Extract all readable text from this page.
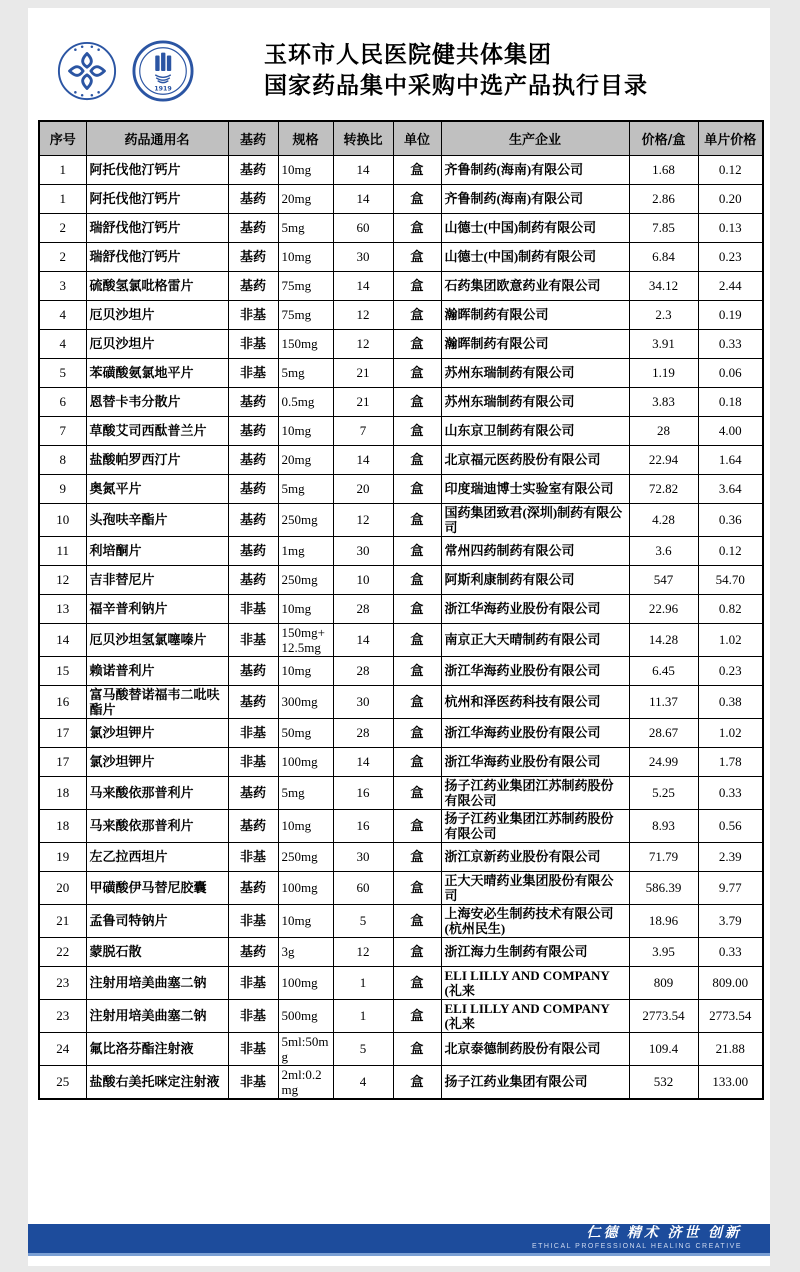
1919
玉环市人民医院健共体集团
国家药品集中采购中选产品执行目录
序号	药品通用名	基药	规格	转换比	单位	生产企业	价格/盒	单片价格
1	阿托伐他汀钙片	基药	10mg	14	盒	齐鲁制药(海南)有限公司	1.68	0.12
1	阿托伐他汀钙片	基药	20mg	14	盒	齐鲁制药(海南)有限公司	2.86	0.20
2	瑞舒伐他汀钙片	基药	5mg	60	盒	山德士(中国)制药有限公司	7.85	0.13
2	瑞舒伐他汀钙片	基药	10mg	30	盒	山德士(中国)制药有限公司	6.84	0.23
3	硫酸氢氯吡格雷片	基药	75mg	14	盒	石药集团欧意药业有限公司	34.12	2.44
4	厄贝沙坦片	非基	75mg	12	盒	瀚晖制药有限公司	2.3	0.19
4	厄贝沙坦片	非基	150mg	12	盒	瀚晖制药有限公司	3.91	0.33
5	苯磺酸氨氯地平片	非基	5mg	21	盒	苏州东瑞制药有限公司	1.19	0.06
6	恩替卡韦分散片	基药	0.5mg	21	盒	苏州东瑞制药有限公司	3.83	0.18
7	草酸艾司西酞普兰片	基药	10mg	7	盒	山东京卫制药有限公司	28	4.00
8	盐酸帕罗西汀片	基药	20mg	14	盒	北京福元医药股份有限公司	22.94	1.64
9	奥氮平片	基药	5mg	20	盒	印度瑞迪博士实验室有限公司	72.82	3.64
10	头孢呋辛酯片	基药	250mg	12	盒	国药集团致君(深圳)制药有限公司	4.28	0.36
11	利培酮片	基药	1mg	30	盒	常州四药制药有限公司	3.6	0.12
12	吉非替尼片	基药	250mg	10	盒	阿斯利康制药有限公司	547	54.70
13	福辛普利钠片	非基	10mg	28	盒	浙江华海药业股份有限公司	22.96	0.82
14	厄贝沙坦氢氯噻嗪片	非基	150mg+12.5mg	14	盒	南京正大天晴制药有限公司	14.28	1.02
15	赖诺普利片	基药	10mg	28	盒	浙江华海药业股份有限公司	6.45	0.23
16	富马酸替诺福韦二吡呋酯片	基药	300mg	30	盒	杭州和泽医药科技有限公司	11.37	0.38
17	氯沙坦钾片	非基	50mg	28	盒	浙江华海药业股份有限公司	28.67	1.02
17	氯沙坦钾片	非基	100mg	14	盒	浙江华海药业股份有限公司	24.99	1.78
18	马来酸依那普利片	基药	5mg	16	盒	扬子江药业集团江苏制药股份有限公司	5.25	0.33
18	马来酸依那普利片	基药	10mg	16	盒	扬子江药业集团江苏制药股份有限公司	8.93	0.56
19	左乙拉西坦片	非基	250mg	30	盒	浙江京新药业股份有限公司	71.79	2.39
20	甲磺酸伊马替尼胶囊	基药	100mg	60	盒	正大天晴药业集团股份有限公司	586.39	9.77
21	孟鲁司特钠片	非基	10mg	5	盒	上海安必生制药技术有限公司(杭州民生)	18.96	3.79
22	蒙脱石散	基药	3g	12	盒	浙江海力生制药有限公司	3.95	0.33
23	注射用培美曲塞二钠	非基	100mg	1	盒	ELI LILLY AND COMPANY(礼来	809	809.00
23	注射用培美曲塞二钠	非基	500mg	1	盒	ELI LILLY AND COMPANY(礼来	2773.54	2773.54
24	氟比洛芬酯注射液	非基	5ml:50mg	5	盒	北京泰德制药股份有限公司	109.4	21.88
25	盐酸右美托咪定注射液	非基	2ml:0.2mg	4	盒	扬子江药业集团有限公司	532	133.00
仁德 精术 济世 创新
ETHICAL PROFESSIONAL HEALING CREATIVE
